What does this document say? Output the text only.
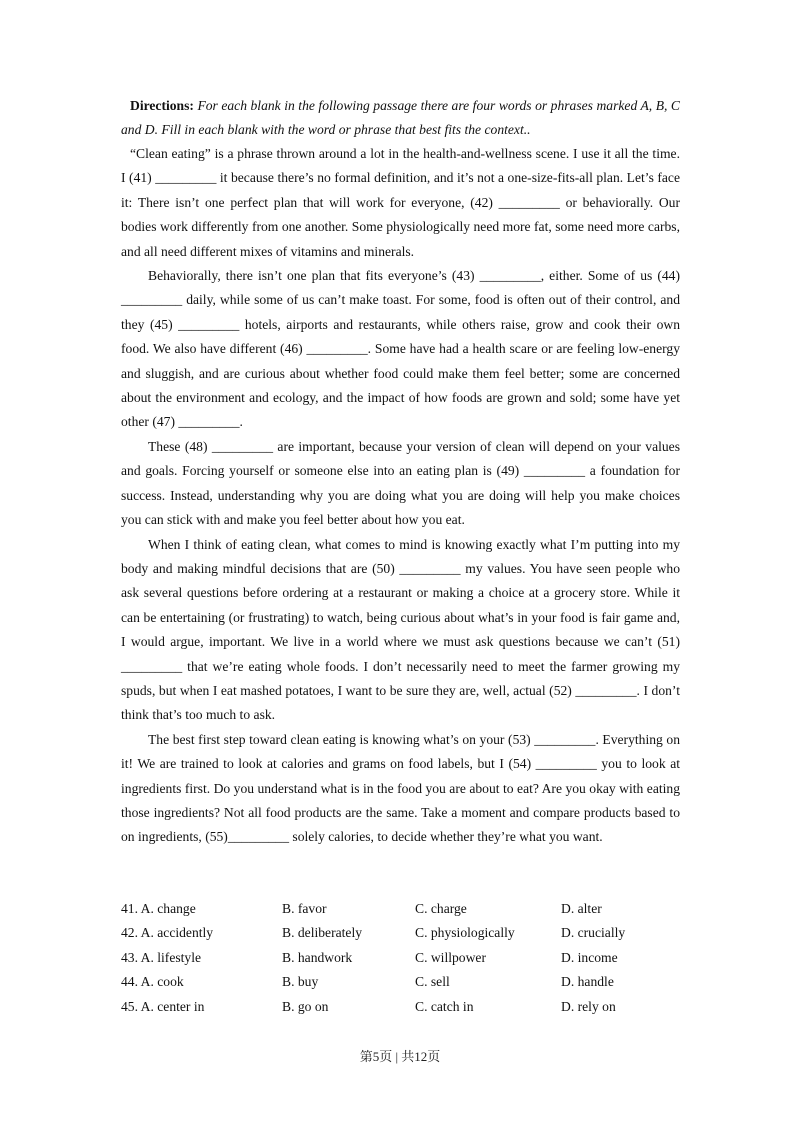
Directions: For each blank in the following passage there are four words or phrases marked A, B, C and D. Fill in each blank with the word or phrase that best fits the context..

“Clean eating” is a phrase thrown around a lot in the health-and-wellness scene. I use it all the time. I (41) _________ it because there’s no formal definition, and it’s not a one-size-fits-all plan. Let’s face it: There isn’t one perfect plan that will work for everyone, (42) _________ or behaviorally. Our bodies work differently from one another. Some physiologically need more fat, some need more carbs, and all need different mixes of vitamins and minerals.

Behaviorally, there isn’t one plan that fits everyone’s (43) _________, either. Some of us (44) _________ daily, while some of us can’t make toast. For some, food is often out of their control, and they (45) _________ hotels, airports and restaurants, while others raise, grow and cook their own food. We also have different (46) _________. Some have had a health scare or are feeling low-energy and sluggish, and are curious about whether food could make them feel better; some are concerned about the environment and ecology, and the impact of how foods are grown and sold; some have yet other (47) _________.

These (48) _________ are important, because your version of clean will depend on your values and goals. Forcing yourself or someone else into an eating plan is (49) _________ a foundation for success. Instead, understanding why you are doing what you are doing will help you make choices you can stick with and make you feel better about how you eat.

When I think of eating clean, what comes to mind is knowing exactly what I’m putting into my body and making mindful decisions that are (50) _________ my values. You have seen people who ask several questions before ordering at a restaurant or making a choice at a grocery store. While it can be entertaining (or frustrating) to watch, being curious about what’s in your food is fair game and, I would argue, important. We live in a world where we must ask questions because we can’t (51) _________ that we’re eating whole foods. I don’t necessarily need to meet the farmer growing my spuds, but when I eat mashed potatoes, I want to be sure they are, well, actual (52) _________. I don’t think that’s too much to ask.

The best first step toward clean eating is knowing what’s on your (53) _________. Everything on it! We are trained to look at calories and grams on food labels, but I (54) _________ you to look at ingredients first. Do you understand what is in the food you are about to eat? Are you okay with eating those ingredients? Not all food products are the same. Take a moment and compare products based to on ingredients, (55)_________ solely calories, to decide whether they’re what you want.

41. A. change	B. favor	C. charge	D. alter
42. A. accidently	B. deliberately	C. physiologically	D. crucially
43. A. lifestyle	B. handwork	C. willpower	D. income
44. A. cook	B. buy	C. sell	D. handle
45. A. center in	B. go on	C. catch in	D. rely on
第5页 | 共12页
